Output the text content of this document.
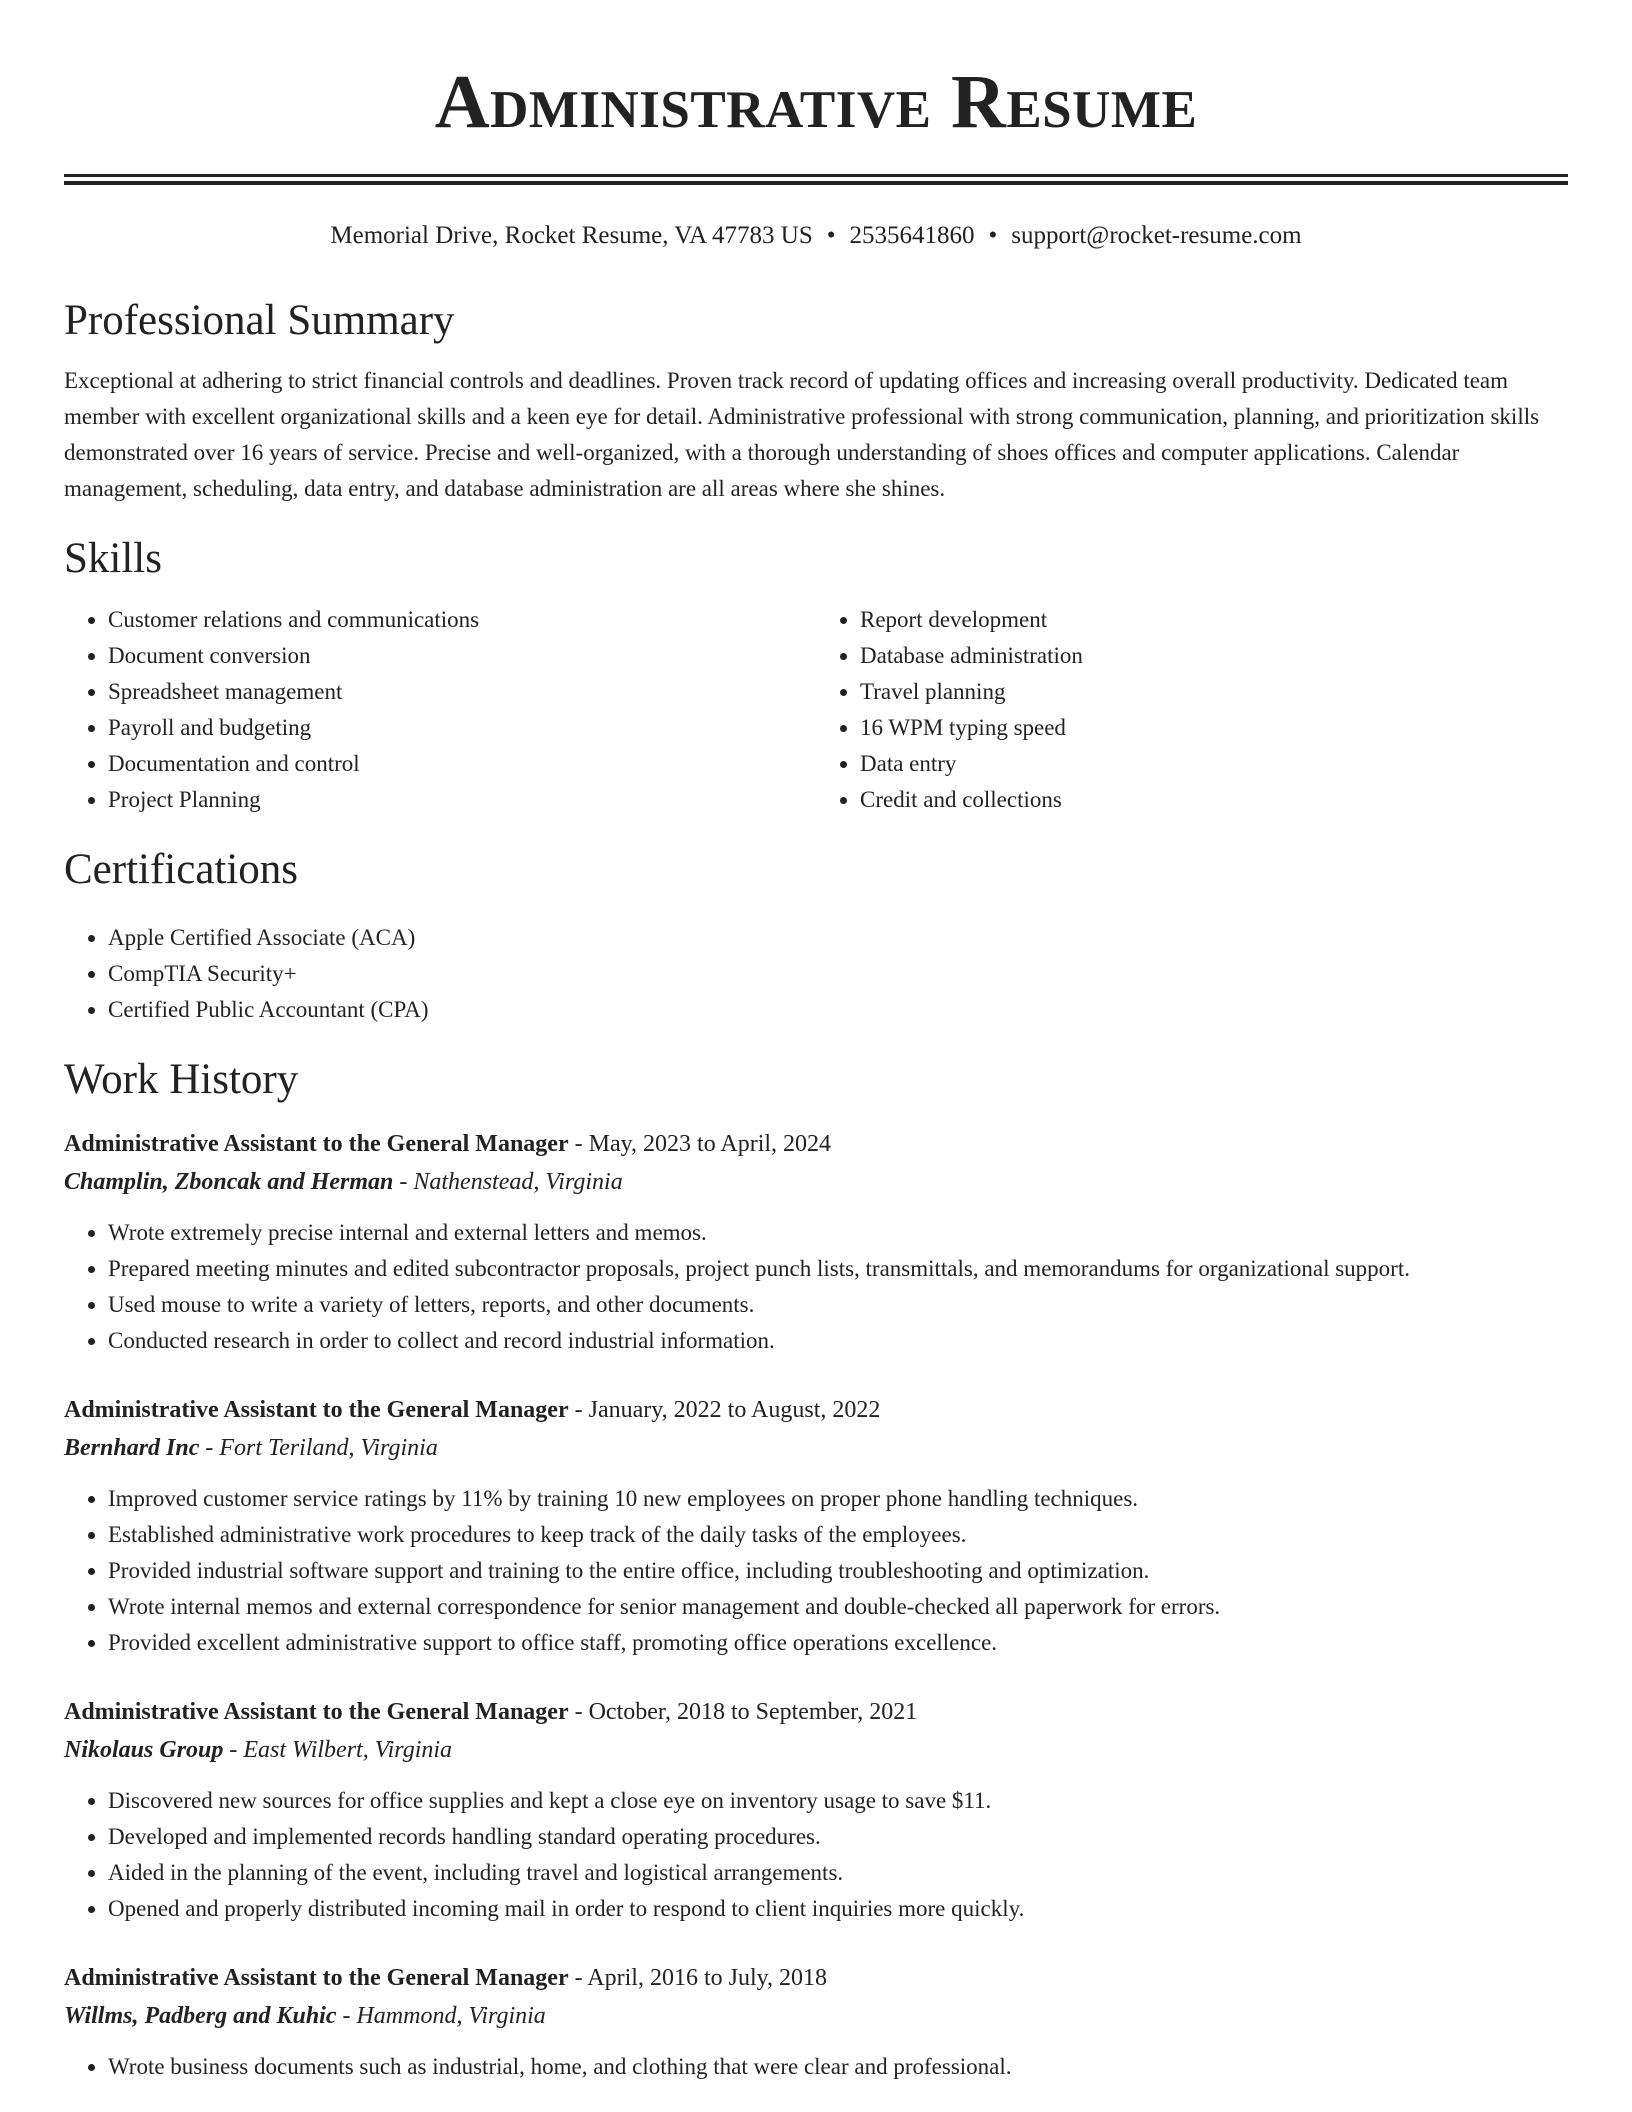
Administrative Resume
Memorial Drive, Rocket Resume, VA 47783 US • 2535641860 • support@rocket-resume.com
Professional Summary

Exceptional at adhering to strict financial controls and deadlines. Proven track record of updating offices and increasing overall productivity. Dedicated team member with excellent organizational skills and a keen eye for detail. Administrative professional with strong communication, planning, and prioritization skills demonstrated over 16 years of service. Precise and well-organized, with a thorough understanding of shoes offices and computer applications. Calendar management, scheduling, data entry, and database administration are all areas where she shines.

Skills
• Customer relations and communications
• Document conversion
• Spreadsheet management
• Payroll and budgeting
• Documentation and control
• Project Planning
• Report development
• Database administration
• Travel planning
• 16 WPM typing speed
• Data entry
• Credit and collections
Certifications
• Apple Certified Associate (ACA)
• CompTIA Security+
• Certified Public Accountant (CPA)
Work History
Administrative Assistant to the General Manager - May, 2023 to April, 2024
Champlin, Zboncak and Herman - Nathenstead, Virginia
• Wrote extremely precise internal and external letters and memos.
• Prepared meeting minutes and edited subcontractor proposals, project punch lists, transmittals, and memorandums for organizational support.
• Used mouse to write a variety of letters, reports, and other documents.
• Conducted research in order to collect and record industrial information.
Administrative Assistant to the General Manager - January, 2022 to August, 2022
Bernhard Inc - Fort Teriland, Virginia
• Improved customer service ratings by 11% by training 10 new employees on proper phone handling techniques.
• Established administrative work procedures to keep track of the daily tasks of the employees.
• Provided industrial software support and training to the entire office, including troubleshooting and optimization.
• Wrote internal memos and external correspondence for senior management and double-checked all paperwork for errors.
• Provided excellent administrative support to office staff, promoting office operations excellence.
Administrative Assistant to the General Manager - October, 2018 to September, 2021
Nikolaus Group - East Wilbert, Virginia
• Discovered new sources for office supplies and kept a close eye on inventory usage to save $11.
• Developed and implemented records handling standard operating procedures.
• Aided in the planning of the event, including travel and logistical arrangements.
• Opened and properly distributed incoming mail in order to respond to client inquiries more quickly.
Administrative Assistant to the General Manager - April, 2016 to July, 2018
Willms, Padberg and Kuhic - Hammond, Virginia
• Wrote business documents such as industrial, home, and clothing that were clear and professional.
